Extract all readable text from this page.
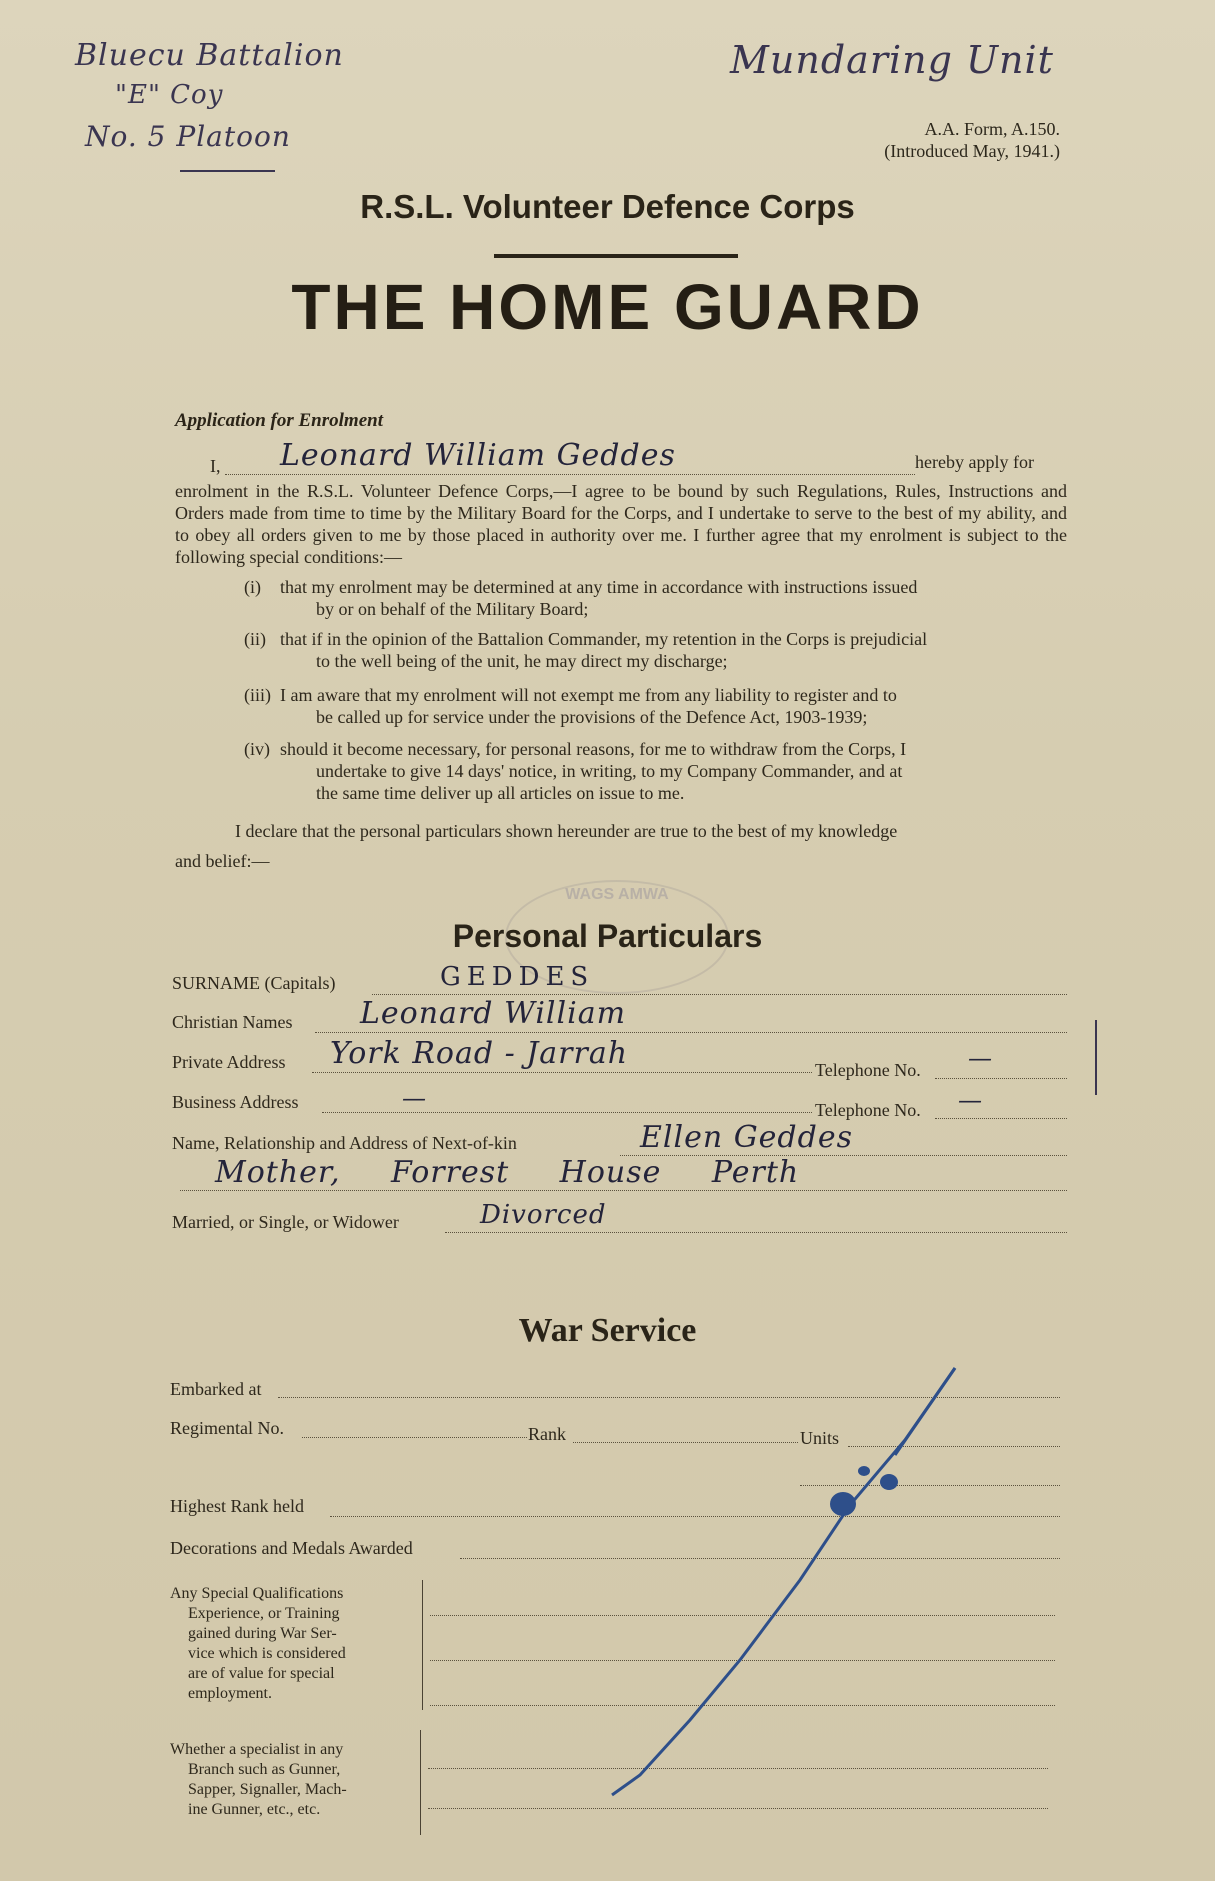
Bluecu Battalion
"E" Coy
No. 5 Platoon
Mundaring Unit
A.A. Form, A.150.
(Introduced May, 1941.)
R.S.L. Volunteer Defence Corps
THE HOME GUARD
Application for Enrolment
I, Leonard William Geddes	hereby apply for
enrolment in the R.S.L. Volunteer Defence Corps,—I agree to be bound by such Regulations, Rules, Instructions and Orders made from time to time by the Military Board for the Corps, and I undertake to serve to the best of my ability, and to obey all orders given to me by those placed in authority over me. I further agree that my enrolment is subject to the following special conditions:—
(i)	that my enrolment may be determined at any time in accordance with instructions issued
by or on behalf of the Military Board;
(ii) that if in the opinion of the Battalion Commander, my retention in the Corps is prejudicial
to the well being of the unit, he may direct my discharge;
(iii) I am aware that my enrolment will not exempt me from any liability to register and to
be called up for service under the provisions of the Defence Act, 1903-1939;
(iv) should it become necessary, for personal reasons, for me to withdraw from the Corps, I
undertake to give 14 days' notice, in writing, to my Company Commander, and at
the same time deliver up all articles on issue to me.
I declare that the personal particulars shown hereunder are true to the best of my knowledge
and belief:—
WAGS AMWA
Personal Particulars
SURNAME (Capitals)	GEDDES
Christian Names Leonard William
Private Address York Road - Jarrah	Telephone No. —
Business Address	—	Telephone No. —
Name, Relationship and Address of Next-of-kin	Ellen Geddes
Mother, Forrest House Perth
Married, or Single, or Widower	Divorced
War Service
Embarked at
Regimental No.	Rank	Units
Highest Rank held
Decorations and Medals Awarded
Any Special Qualifications
Experience, or Training
gained during War Ser-
vice which is considered
are of value for special
employment.
Whether a specialist in any
Branch such as Gunner,
Sapper, Signaller, Mach-
ine Gunner, etc., etc.
